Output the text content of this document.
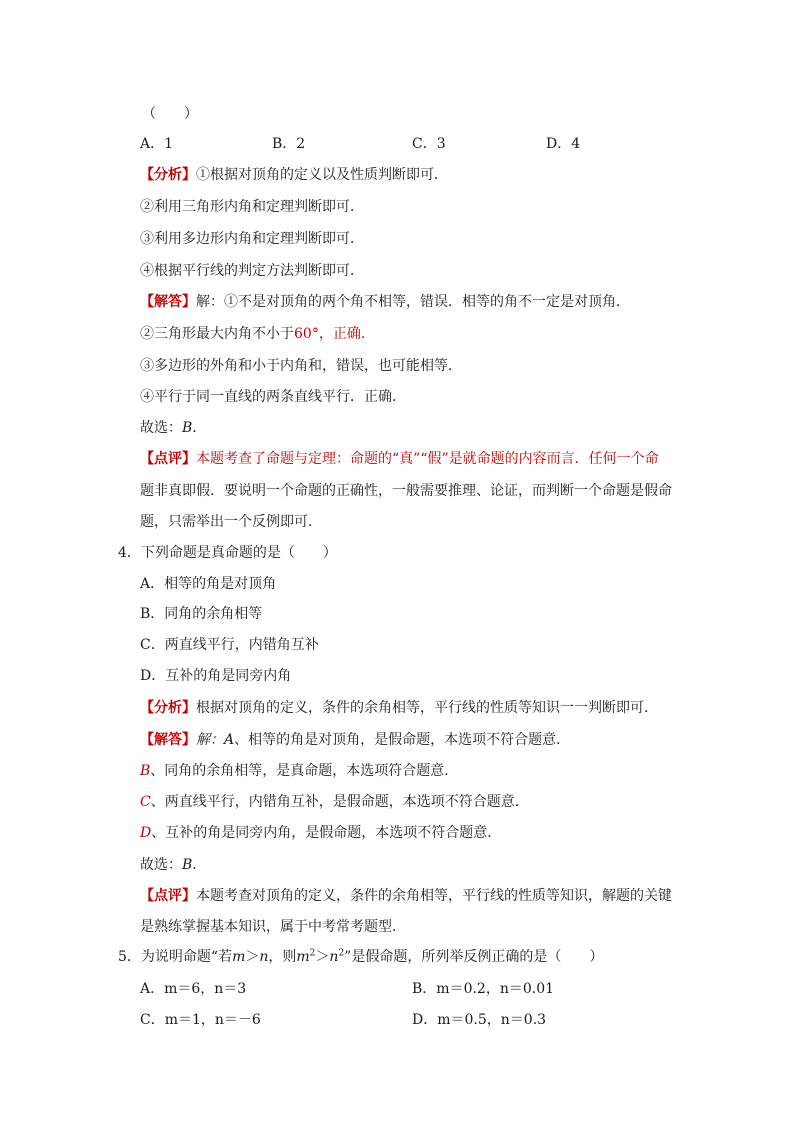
（　　）
A．1	B．2	C．3	D．4
【分析】①根据对顶角的定义以及性质判断即可．
②利用三角形内角和定理判断即可．
③利用多边形内角和定理判断即可．
④根据平行线的判定方法判断即可．
【解答】解：①不是对顶角的两个角不相等，错误．相等的角不一定是对顶角．
②三角形最大内角不小于60°，正确.
③多边形的外角和小于内角和，错误，也可能相等．
④平行于同一直线的两条直线平行．正确．
故选：B．
【点评】本题考查了命题与定理：命题的“真”“假”是就命题的内容而言．任何一个命
题非真即假．要说明一个命题的正确性，一般需要推理、论证，而判断一个命题是假命
题，只需举出一个反例即可．
4．下列命题是真命题的是（　　）
A．相等的角是对顶角
B．同角的余角相等
C．两直线平行，内错角互补
D．互补的角是同旁内角
【分析】根据对顶角的定义，条件的余角相等，平行线的性质等知识一一判断即可．
【解答】解：A、相等的角是对顶角，是假命题，本选项不符合题意．
B、同角的余角相等，是真命题，本选项符合题意．
C、两直线平行，内错角互补，是假命题，本选项不符合题意．
D、互补的角是同旁内角，是假命题，本选项不符合题意．
故选：B．
【点评】本题考查对顶角的定义，条件的余角相等，平行线的性质等知识，解题的关键
是熟练掌握基本知识，属于中考常考题型．
5．为说明命题“若m＞n，则$m^2>n^2$”是假命题，所列举反例正确的是（　　）
A．m＝6，n＝3	B．m＝0.2，n＝0.01
C．m＝1，n＝－6	D．m＝0.5，n＝0.3
